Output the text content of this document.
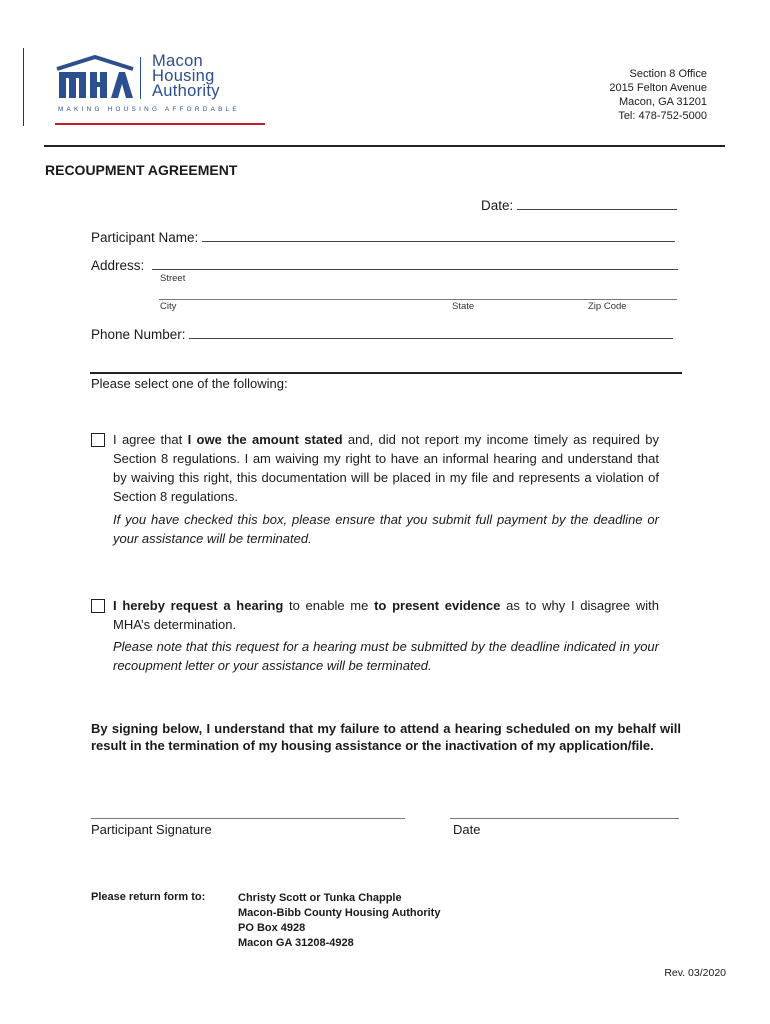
Macon
Housing
Authority
MAKING HOUSING AFFORDABLE
Section 8 Office
2015 Felton Avenue
Macon, GA 31201
Tel: 478-752-5000
RECOUPMENT AGREEMENT
Date:
Participant Name:
Address:
Street
City	State	Zip Code
Phone Number:
Please select one of the following:
I agree that I owe the amount stated and, did not report my income timely as required by Section 8 regulations. I am waiving my right to have an informal hearing and understand that by waiving this right, this documentation will be placed in my file and represents a violation of Section 8 regulations.
If you have checked this box, please ensure that you submit full payment by the deadline or your assistance will be terminated.
I hereby request a hearing to enable me to present evidence as to why I disagree with MHA’s determination.
Please note that this request for a hearing must be submitted by the deadline indicated in your recoupment letter or your assistance will be terminated.
By signing below, I understand that my failure to attend a hearing scheduled on my behalf will result in the termination of my housing assistance or the inactivation of my application/file.
Participant Signature	Date
Please return form to:	Christy Scott or Tunka Chapple
Macon-Bibb County Housing Authority
PO Box 4928
Macon GA 31208-4928
Rev. 03/2020
